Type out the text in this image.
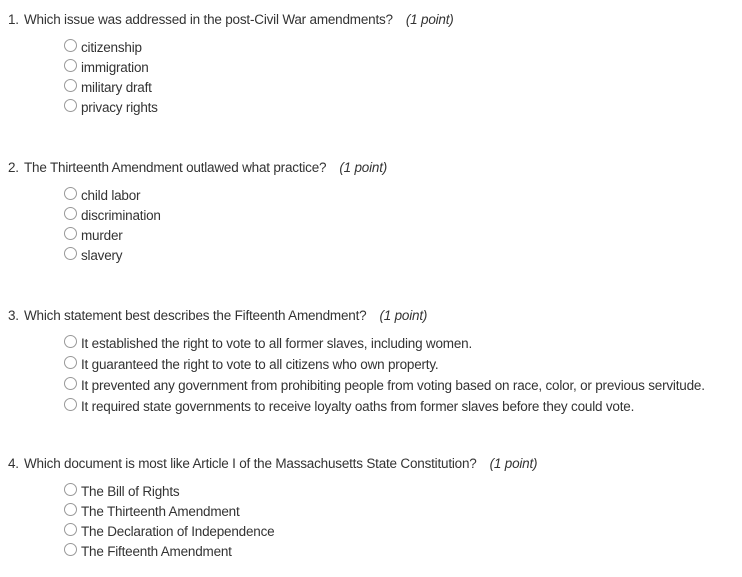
1. Which issue was addressed in the post-Civil War amendments? (1 point)
citizenship
immigration
military draft
privacy rights
2. The Thirteenth Amendment outlawed what practice? (1 point)
child labor
discrimination
murder
slavery
3. Which statement best describes the Fifteenth Amendment? (1 point)
It established the right to vote to all former slaves, including women.
It guaranteed the right to vote to all citizens who own property.
It prevented any government from prohibiting people from voting based on race, color, or previous servitude.
It required state governments to receive loyalty oaths from former slaves before they could vote.
4. Which document is most like Article I of the Massachusetts State Constitution? (1 point)
The Bill of Rights
The Thirteenth Amendment
The Declaration of Independence
The Fifteenth Amendment
